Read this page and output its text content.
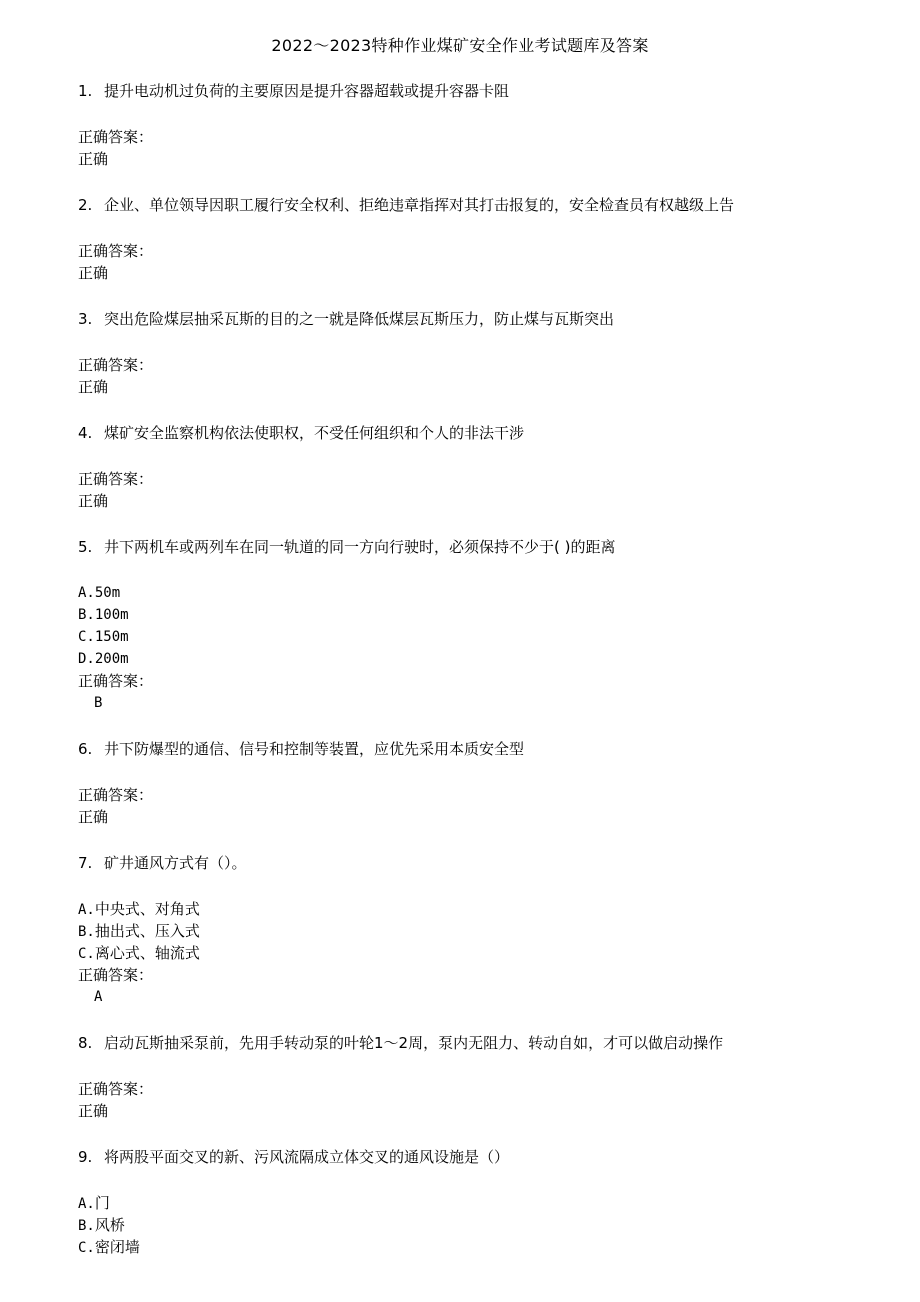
2022～2023特种作业煤矿安全作业考试题库及答案
1. 提升电动机过负荷的主要原因是提升容器超载或提升容器卡阻
正确答案：
正确
2. 企业、单位领导因职工履行安全权利、拒绝违章指挥对其打击报复的，安全检查员有权越级上告
正确答案：
正确
3. 突出危险煤层抽采瓦斯的目的之一就是降低煤层瓦斯压力，防止煤与瓦斯突出
正确答案：
正确
4. 煤矿安全监察机构依法使职权，不受任何组织和个人的非法干涉
正确答案：
正确
5. 井下两机车或两列车在同一轨道的同一方向行驶时，必须保持不少于( )的距离
A.50m
B.100m
C.150m
D.200m
正确答案：
B
6. 井下防爆型的通信、信号和控制等装置，应优先采用本质安全型
正确答案：
正确
7. 矿井通风方式有（）。
A.中央式、对角式
B.抽出式、压入式
C.离心式、轴流式
正确答案：
A
8. 启动瓦斯抽采泵前，先用手转动泵的叶轮1～2周，泵内无阻力、转动自如，才可以做启动操作
正确答案：
正确
9. 将两股平面交叉的新、污风流隔成立体交叉的通风设施是（）
A.门
B.风桥
C.密闭墙
